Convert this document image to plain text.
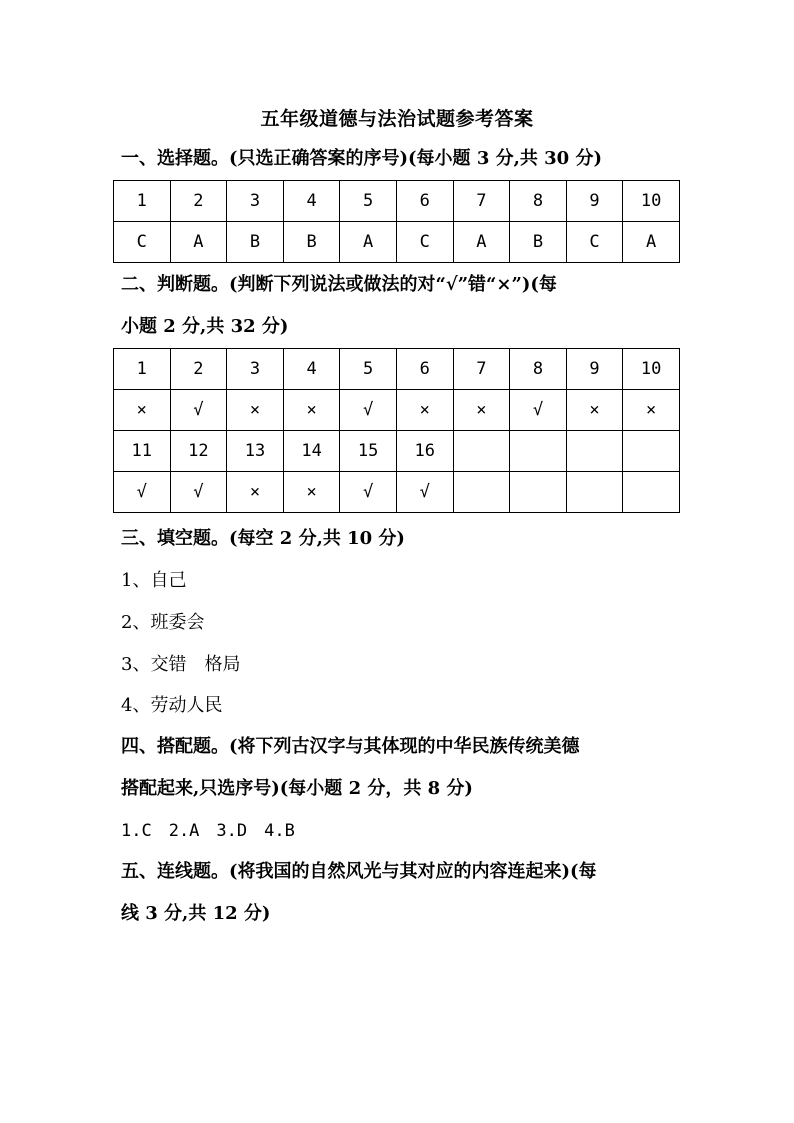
五年级道德与法治试题参考答案
一、选择题。(只选正确答案的序号)(每小题 3 分,共 30 分)
1	2	3	4	5	6	7	8	9	10
C	A	B	B	A	C	A	B	C	A
二、判断题。(判断下列说法或做法的对“√”错“×”)(每
小题 2 分,共 32 分)
1	2	3	4	5	6	7	8	9	10
×	√	×	×	√	×	×	√	×	×
11	12	13	14	15	16				
√	√	×	×	√	√				
三、填空题。(每空 2 分,共 10 分)
1、自己
2、班委会
3、交错　格局
4、劳动人民
四、搭配题。(将下列古汉字与其体现的中华民族传统美德
搭配起来,只选序号)(每小题 2 分，共 8 分)
1.C　2.A　3.D　4.B
五、连线题。(将我国的自然风光与其对应的内容连起来)(每
线 3 分,共 12 分)
